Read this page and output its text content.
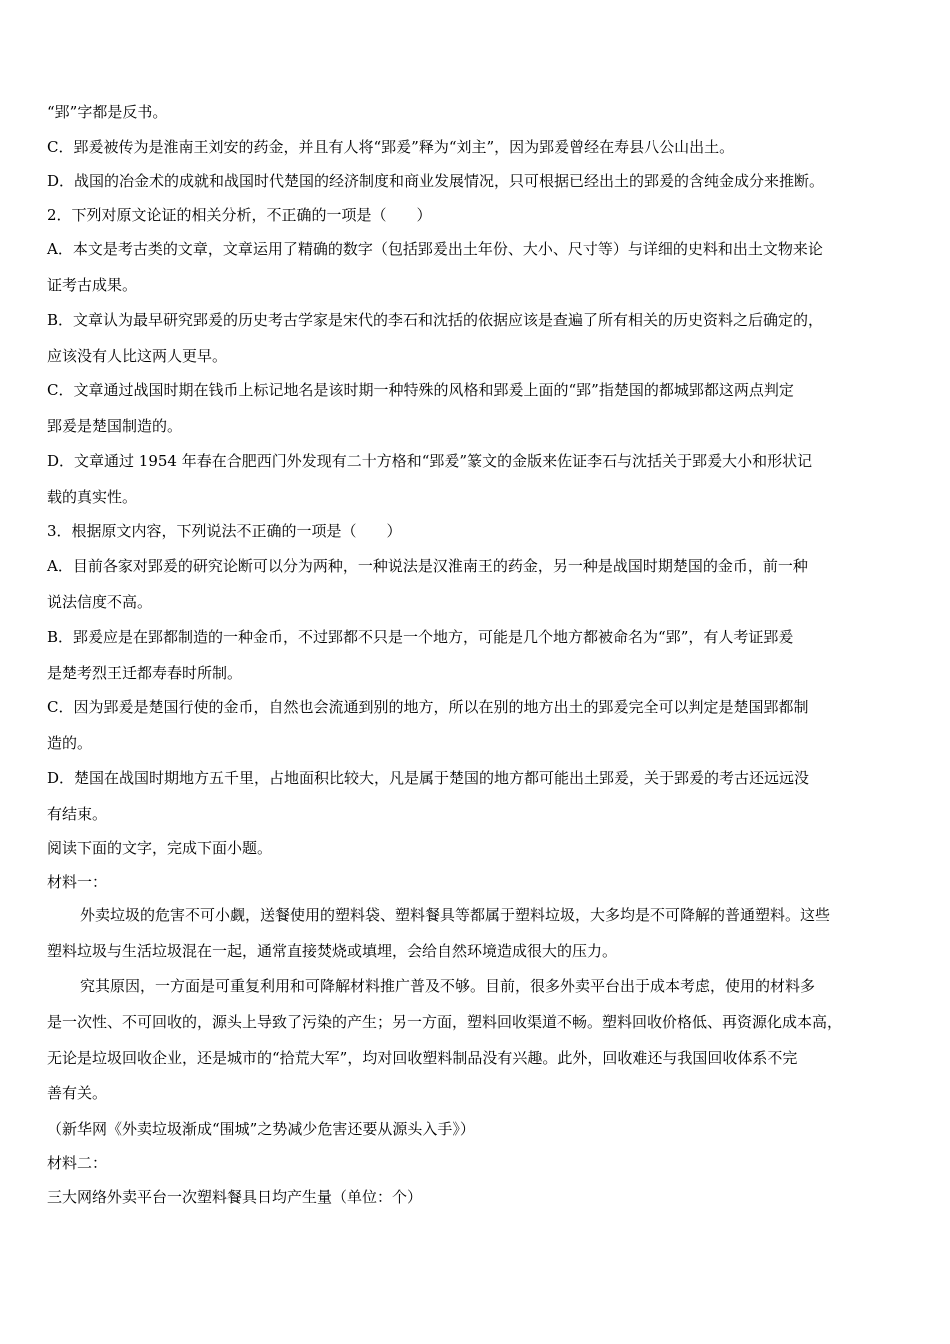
“郢”字都是反书。
C．郢爰被传为是淮南王刘安的药金，并且有人将“郢爰”释为“刘主”，因为郢爰曾经在寿县八公山出土。
D．战国的冶金术的成就和战国时代楚国的经济制度和商业发展情况，只可根据已经出土的郢爰的含纯金成分来推断。
2．下列对原文论证的相关分析，不正确的一项是（　　）
A．本文是考古类的文章，文章运用了精确的数字（包括郢爰出土年份、大小、尺寸等）与详细的史料和出土文物来论
证考古成果。
B．文章认为最早研究郢爰的历史考古学家是宋代的李石和沈括的依据应该是查遍了所有相关的历史资料之后确定的，
应该没有人比这两人更早。
C．文章通过战国时期在钱币上标记地名是该时期一种特殊的风格和郢爰上面的“郢”指楚国的都城郢都这两点判定
郢爰是楚国制造的。
D．文章通过 1954 年春在合肥西门外发现有二十方格和“郢爰”篆文的金版来佐证李石与沈括关于郢爰大小和形状记
载的真实性。
3．根据原文内容，下列说法不正确的一项是（　　）
A．目前各家对郢爰的研究论断可以分为两种，一种说法是汉淮南王的药金，另一种是战国时期楚国的金币，前一种
说法信度不高。
B．郢爰应是在郢都制造的一种金币，不过郢都不只是一个地方，可能是几个地方都被命名为“郢”，有人考证郢爰
是楚考烈王迁都寿春时所制。
C．因为郢爰是楚国行使的金币，自然也会流通到别的地方，所以在别的地方出土的郢爰完全可以判定是楚国郢都制
造的。
D．楚国在战国时期地方五千里，占地面积比较大，凡是属于楚国的地方都可能出土郢爰，关于郢爰的考古还远远没
有结束。
阅读下面的文字，完成下面小题。
材料一：
外卖垃圾的危害不可小觑，送餐使用的塑料袋、塑料餐具等都属于塑料垃圾，大多均是不可降解的普通塑料。这些
塑料垃圾与生活垃圾混在一起，通常直接焚烧或填埋，会给自然环境造成很大的压力。
究其原因，一方面是可重复利用和可降解材料推广普及不够。目前，很多外卖平台出于成本考虑，使用的材料多
是一次性、不可回收的，源头上导致了污染的产生；另一方面，塑料回收渠道不畅。塑料回收价格低、再资源化成本高，
无论是垃圾回收企业，还是城市的“拾荒大军”，均对回收塑料制品没有兴趣。此外，回收难还与我国回收体系不完
善有关。
（新华网《外卖垃圾渐成“围城”之势减少危害还要从源头入手》）
材料二：
三大网络外卖平台一次塑料餐具日均产生量（单位：个）
